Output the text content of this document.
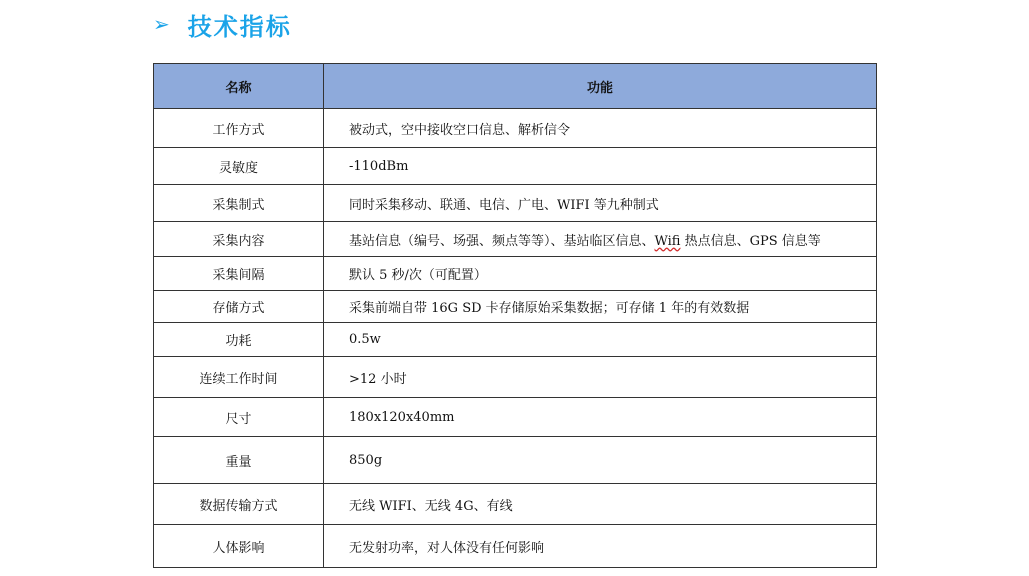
➢ 技术指标
名称	功能
工作方式	被动式，空中接收空口信息、解析信令
灵敏度	-110dBm
采集制式	同时采集移动、联通、电信、广电、WIFI 等九种制式
采集内容	基站信息（编号、场强、频点等等）、基站临区信息、Wifi 热点信息、GPS 信息等
采集间隔	默认 5 秒/次（可配置）
存储方式	采集前端自带 16G SD 卡存储原始采集数据；可存储 1 年的有效数据
功耗	0.5w
连续工作时间	>12 小时
尺寸	180x120x40mm
重量	850g
数据传输方式	无线 WIFI、无线 4G、有线
人体影响	无发射功率，对人体没有任何影响
